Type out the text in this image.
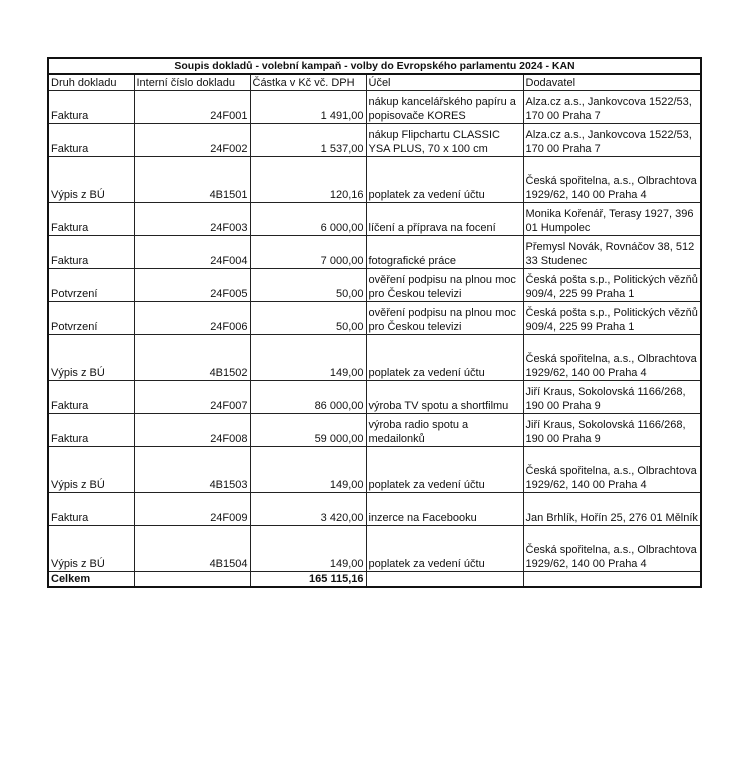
Soupis dokladů - volební kampaň - volby do Evropského parlamentu 2024 - KAN				
Druh dokladu	Interní číslo dokladu	Částka v Kč vč. DPH	Účel	Dodavatel
Faktura	24F001	1 491,00	nákup kancelářského papíru a popisovače KORES	Alza.cz a.s., Jankovcova 1522/53, 170 00 Praha 7
Faktura	24F002	1 537,00	nákup Flipchartu CLASSIC YSA PLUS, 70 x 100 cm	Alza.cz a.s., Jankovcova 1522/53, 170 00 Praha 7
Výpis z BÚ	4B1501	120,16	poplatek za vedení účtu	Česká spořitelna, a.s., Olbrachtova 1929/62, 140 00 Praha 4
Faktura	24F003	6 000,00	líčení a příprava na focení	Monika Kořenář, Terasy 1927, 396 01 Humpolec
Faktura	24F004	7 000,00	fotografické práce	Přemysl Novák, Rovnáčov 38, 512 33 Studenec
Potvrzení	24F005	50,00	ověření podpisu na plnou moc pro Českou televizi	Česká pošta s.p., Politických vězňů 909/4, 225 99 Praha 1
Potvrzení	24F006	50,00	ověření podpisu na plnou moc pro Českou televizi	Česká pošta s.p., Politických vězňů 909/4, 225 99 Praha 1
Výpis z BÚ	4B1502	149,00	poplatek za vedení účtu	Česká spořitelna, a.s., Olbrachtova 1929/62, 140 00 Praha 4
Faktura	24F007	86 000,00	výroba TV spotu a shortfilmu	Jiří Kraus, Sokolovská 1166/268, 190 00 Praha 9
Faktura	24F008	59 000,00	výroba radio spotu a medailonků	Jiří Kraus, Sokolovská 1166/268, 190 00 Praha 9
Výpis z BÚ	4B1503	149,00	poplatek za vedení účtu	Česká spořitelna, a.s., Olbrachtova 1929/62, 140 00 Praha 4
Faktura	24F009	3 420,00	inzerce na Facebooku	Jan Brhlík, Hořín 25, 276 01 Mělník
Výpis z BÚ	4B1504	149,00	poplatek za vedení účtu	Česká spořitelna, a.s., Olbrachtova 1929/62, 140 00 Praha 4
Celkem		165 115,16		
